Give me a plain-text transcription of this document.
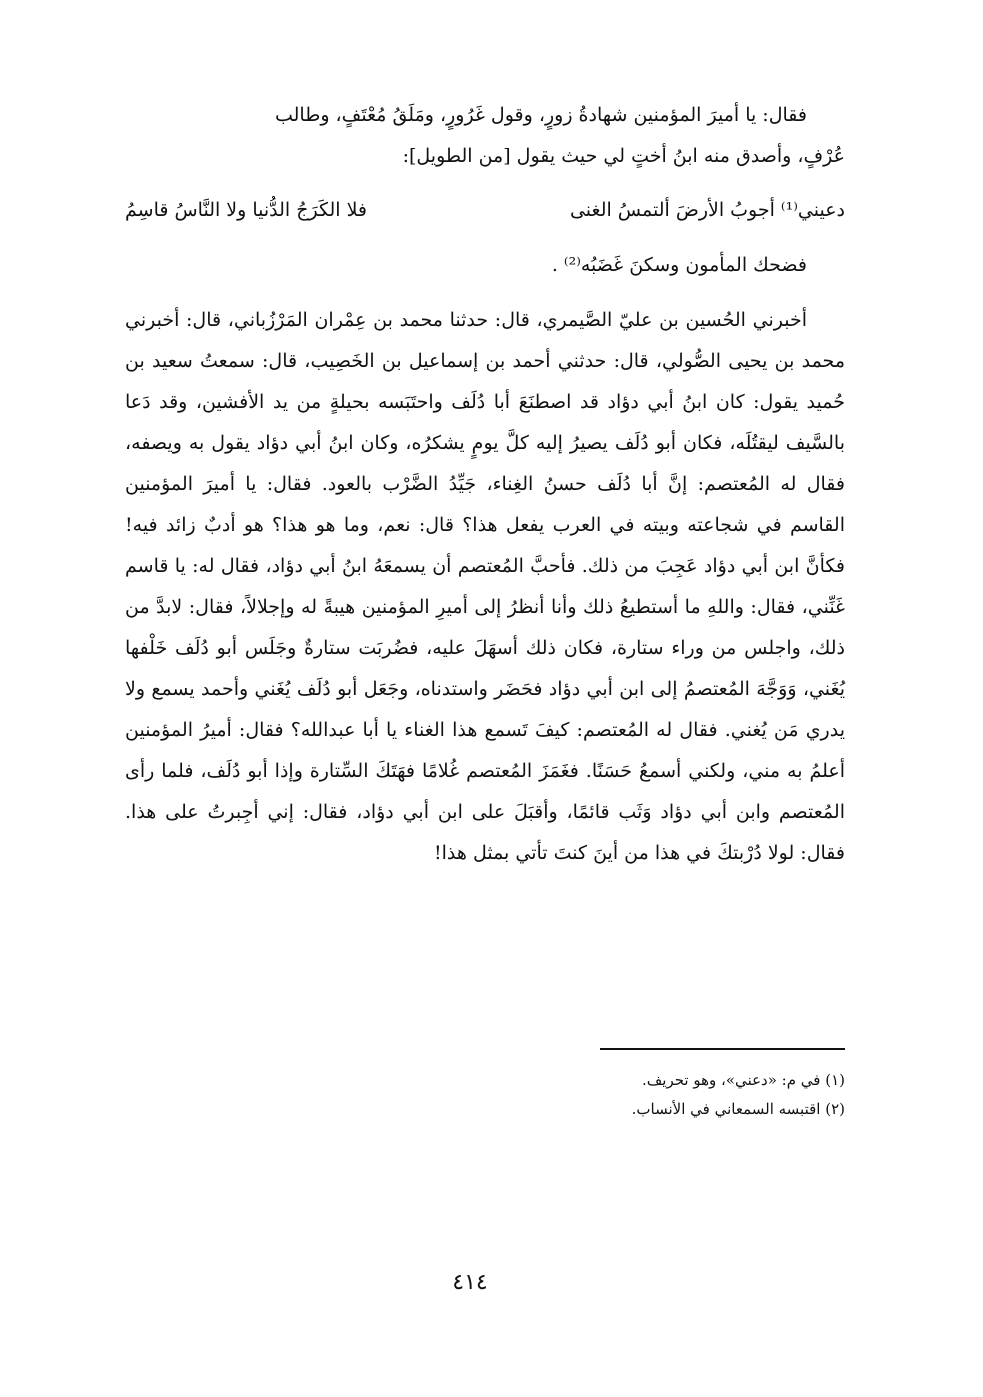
فقال: يا أميرَ المؤمنين شهادةُ زورٍ، وقول غَرُورٍ، ومَلَقُ مُعْتَفٍ، وطالب

عُرْفٍ، وأصدق منه ابنُ أختٍ لي حيث يقول [من الطويل]:

دعيني⁽¹⁾ أجوبُ الأرضَ ألتمسُ الغنى
فلا الكَرَجُ الدُّنيا ولا النَّاسُ قاسِمُ
فضحك المأمون وسكنَ غَضَبُه⁽²⁾ .

أخبرني الحُسين بن عليّ الصَّيمري، قال: حدثنا محمد بن عِمْران المَرْزُباني، قال: أخبرني محمد بن يحيى الصُّولي، قال: حدثني أحمد بن إسماعيل بن الخَصِيب، قال: سمعتُ سعيد بن حُميد يقول: كان ابنُ أبي دؤاد قد اصطنَعَ أبا دُلَف واحتَبَسه بحيلةٍ من يد الأفشين، وقد دَعا بالسَّيف ليقتُلَه، فكان أبو دُلَف يصيرُ إليه كلَّ يومٍ يشكرُه، وكان ابنُ أبي دؤاد يقول به ويصفه، فقال له المُعتصم: إنَّ أبا دُلَف حسنُ الغِناء، جَيِّدُ الضَّرْب بالعود. فقال: يا أميرَ المؤمنين القاسم في شجاعته وبيته في العرب يفعل هذا؟ قال: نعم، وما هو هذا؟ هو أدبٌ زائد فيه! فكأنَّ ابن أبي دؤاد عَجِبَ من ذلك. فأحبَّ المُعتصم أن يسمعَهُ ابنُ أبي دؤاد، فقال له: يا قاسم غَنِّني، فقال: واللهِ ما أستطيعُ ذلك وأنا أنظرُ إلى أميرِ المؤمنين هيبةً له وإجلالاً، فقال: لابدَّ من ذلك، واجلس من وراء ستارة، فكان ذلك أسهَلَ عليه، فضُربَت ستارةٌ وجَلَس أبو دُلَف خَلْفها يُغَني، وَوَجَّهَ المُعتصمُ إلى ابن أبي دؤاد فحَضَر واستدناه، وجَعَل أبو دُلَف يُغَني وأحمد يسمع ولا يدري مَن يُغني. فقال له المُعتصم: كيفَ تَسمع هذا الغناء يا أبا عبدالله؟ فقال: أميرُ المؤمنين أعلمُ به مني، ولكني أسمعُ حَسَنًا. فغَمَزَ المُعتصم غُلامًا فهَتَكَ السِّتارة وإذا أبو دُلَف، فلما رأى المُعتصم وابن أبي دؤاد وَثَب قائمًا، وأقبَلَ على ابن أبي دؤاد، فقال: إني أجِبرتُ على هذا. فقال: لولا دُرْبتكَ في هذا من أينَ كنتَ تأتي بمثل هذا!

(١) في م: «دعني»، وهو تحريف.

(٢) اقتبسه السمعاني في الأنساب.

٤١٤
